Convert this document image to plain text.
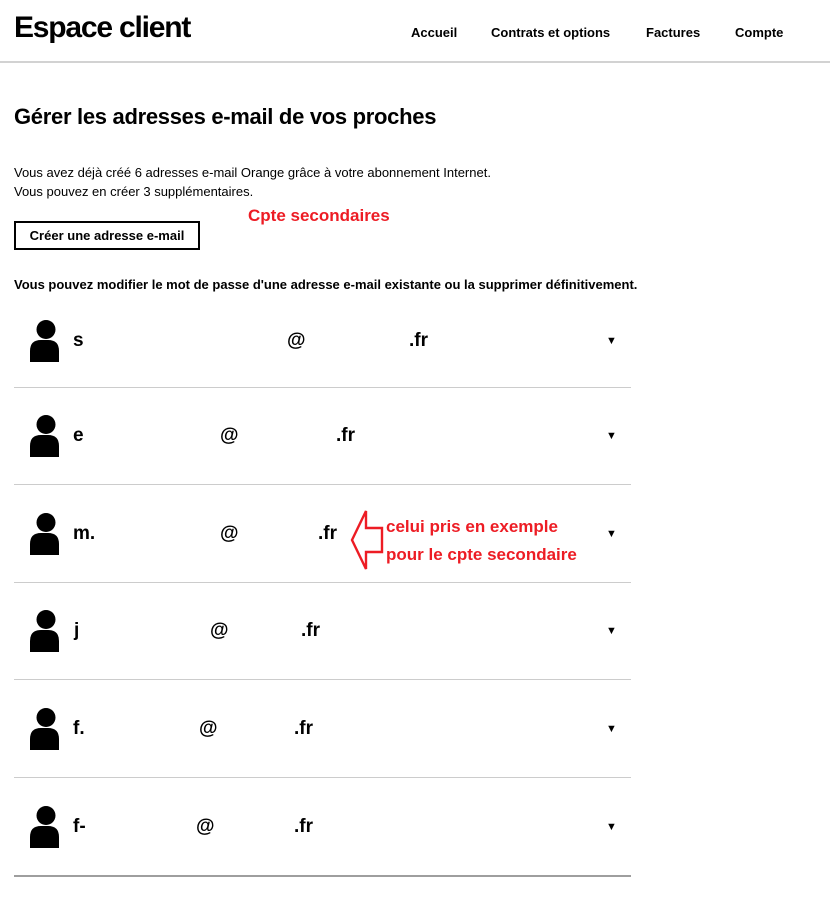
Espace client	Accueil	Contrats et options	Factures	Compte
Gérer les adresses e-mail de vos proches

Vous avez déjà créé 6 adresses e-mail Orange grâce à votre abonnement Internet.

Vous pouvez en créer 3 supplémentaires.

Cpte secondaires
Créer une adresse e-mail

Vous pouvez modifier le mot de passe d'une adresse e-mail existante ou la supprimer définitivement.

s	@	.fr	▼
e	@	.fr	▼
m.	@	.fr	▼
j	@	.fr	▼
f.	@	.fr	▼
f-	@	.fr	▼
celui pris en exemple
pour le cpte secondaire
